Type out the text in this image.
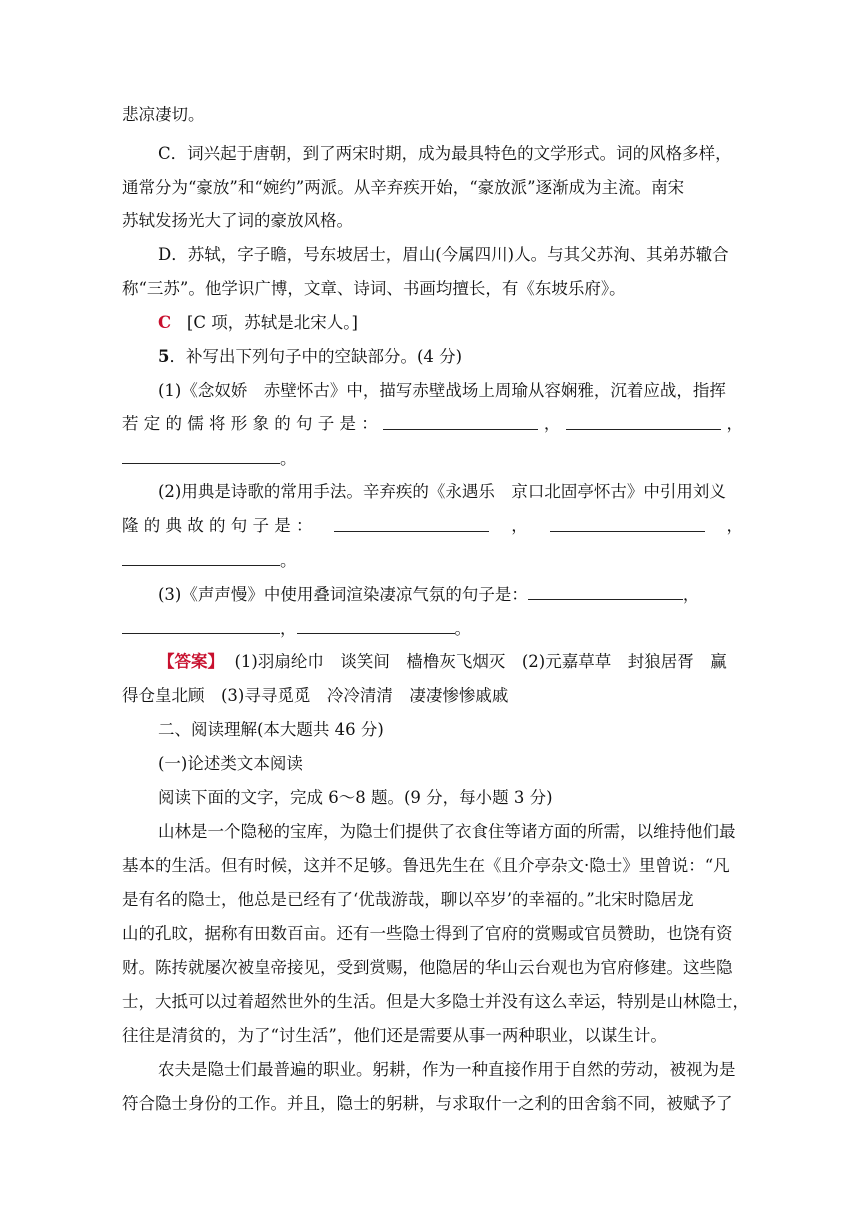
悲凉凄切。
C．词兴起于唐朝，到了两宋时期，成为最具特色的文学形式。词的风格多样，
通常分为“豪放”和“婉约”两派。从辛弃疾开始，“豪放派”逐渐成为主流。南宋
苏轼发扬光大了词的豪放风格。
D．苏轼，字子瞻，号东坡居士，眉山(今属四川)人。与其父苏洵、其弟苏辙合
称“三苏”。他学识广博，文章、诗词、书画均擅长，有《东坡乐府》。
C [C 项，苏轼是北宋人。]
5．补写出下列句子中的空缺部分。(4 分)
(1)《念奴娇　赤壁怀古》中，描写赤壁战场上周瑜从容娴雅，沉着应战，指挥
若 定 的 儒 将 形 象 的 句 子 是 ：	，	，
。
(2)用典是诗歌的常用手法。辛弃疾的《永遇乐　京口北固亭怀古》中引用刘义
隆 的 典 故 的 句 子 是 ：	，	，
。
(3)《声声慢》中使用叠词渲染凄凉气氛的句子是：	，
，	。
【答案】 (1)羽扇纶巾　谈笑间　樯橹灰飞烟灭　(2)元嘉草草　封狼居胥　赢
得仓皇北顾　(3)寻寻觅觅　冷冷清清　凄凄惨惨戚戚
二、阅读理解(本大题共 46 分)
(一)论述类文本阅读
阅读下面的文字，完成 6～8 题。(9 分，每小题 3 分)
山林是一个隐秘的宝库，为隐士们提供了衣食住等诸方面的所需，以维持他们最
基本的生活。但有时候，这并不足够。鲁迅先生在《且介亭杂文·隐士》里曾说：“凡
是有名的隐士，他总是已经有了‘优哉游哉，聊以卒岁’的幸福的。”北宋时隐居龙
山的孔旼，据称有田数百亩。还有一些隐士得到了官府的赏赐或官员赞助，也饶有资
财。陈抟就屡次被皇帝接见，受到赏赐，他隐居的华山云台观也为官府修建。这些隐
士，大抵可以过着超然世外的生活。但是大多隐士并没有这么幸运，特别是山林隐士，
往往是清贫的，为了“讨生活”，他们还是需要从事一两种职业，以谋生计。
农夫是隐士们最普遍的职业。躬耕，作为一种直接作用于自然的劳动，被视为是
符合隐士身份的工作。并且，隐士的躬耕，与求取什一之利的田舍翁不同，被赋予了
